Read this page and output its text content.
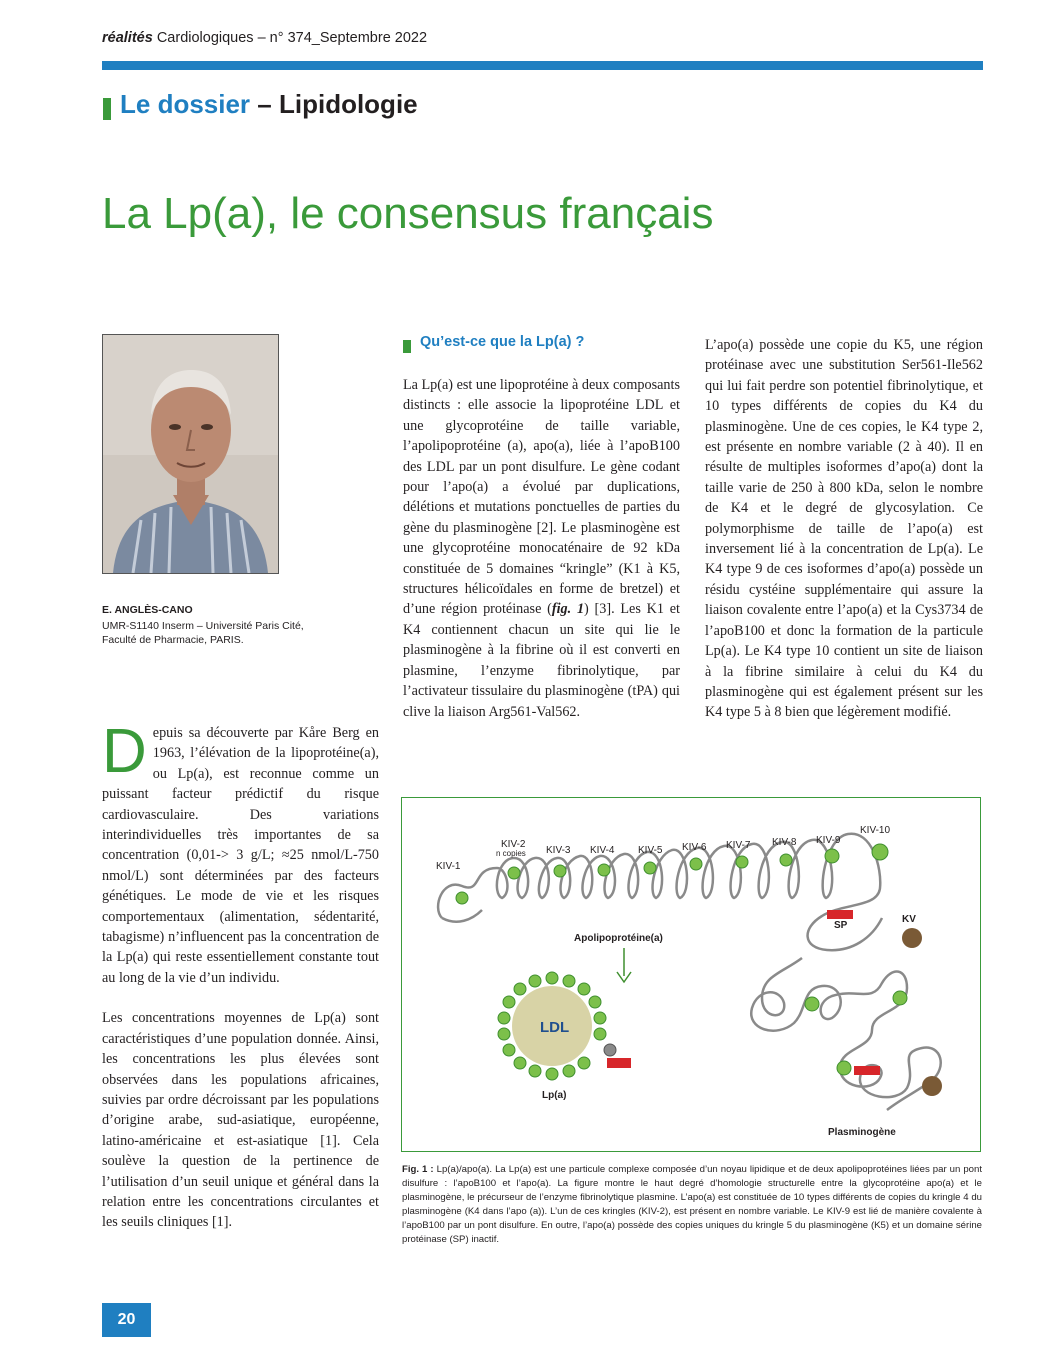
réalités Cardiologiques – n° 374_Septembre 2022
Le dossier – Lipidologie
La Lp(a), le consensus français
E. ANGLÈS-CANO
UMR-S1140 Inserm – Université Paris Cité, Faculté de Pharmacie, PARIS.
D epuis sa découverte par Kåre Berg en 1963, l’élévation de la lipoprotéine(a), ou Lp(a), est reconnue comme un puissant facteur prédictif du risque cardiovasculaire. Des variations interindividuelles très importantes de sa concentration (0,01-> 3 g/L; ≈25 nmol/L-750 nmol/L) sont déterminées par des facteurs génétiques. Le mode de vie et les risques comportementaux (alimentation, sédentarité, tabagisme) n’influencent pas la concentration de la Lp(a) qui reste essentiellement constante tout au long de la vie d’un individu.

Les concentrations moyennes de Lp(a) sont caractéristiques d’une population donnée. Ainsi, les concentrations les plus élevées sont observées dans les populations africaines, suivies par ordre décroissant par les populations d’origine arabe, sud-asiatique, européenne, latino-américaine et est-asiatique [1]. Cela soulève la question de la pertinence de l’utilisation d’un seuil unique et général dans la relation entre les concentrations circulantes et les seuils cliniques [1].

Qu’est-ce que la Lp(a) ?

La Lp(a) est une lipoprotéine à deux composants distincts : elle associe la lipoprotéine LDL et une glycoprotéine de taille variable, l’apolipoprotéine (a), apo(a), liée à l’apoB100 des LDL par un pont disulfure. Le gène codant pour l’apo(a) a évolué par duplications, délétions et mutations ponctuelles de parties du gène du plasminogène [2]. Le plasminogène est une glycoprotéine monocaténaire de 92 kDa constituée de 5 domaines “kringle” (K1 à K5, structures hélicoïdales en forme de bretzel) et d’une région protéinase (fig. 1) [3]. Les K1 et K4 contiennent chacun un site qui lie le plasminogène à la fibrine où il est converti en plasmine, l’enzyme fibrinolytique, par l’activateur tissulaire du plasminogène (tPA) qui clive la liaison Arg561-Val562.

L’apo(a) possède une copie du K5, une région protéinase avec une substitution Ser561-Ile562 qui lui fait perdre son potentiel fibrinolytique, et 10 types différents de copies du K4 du plasminogène. Une de ces copies, le K4 type 2, est présente en nombre variable (2 à 40). Il en résulte de multiples isoformes d’apo(a) dont la taille varie de 250 à 800 kDa, selon le nombre de K4 et le degré de glycosylation. Ce polymorphisme de taille de l’apo(a) est inversement lié à la concentration de Lp(a). Le K4 type 9 de ces isoformes d’apo(a) possède un résidu cystéine supplémentaire qui assure la liaison covalente entre l’apo(a) et la Cys3734 de l’apoB100 et donc la formation de la particule Lp(a). Le K4 type 10 contient un site de liaison à la fibrine similaire à celui du K4 du plasminogène qui est également présent sur les K4 type 5 à 8 bien que légèrement modifié.

KIV-1
KIV-2
n copies KIV-3 KIV-4 KIV-5 KIV-6 KIV-7 KIV-8 KIV-9
KIV-10
SP
KV
Apolipoprotéine(a)
LDL
Lp(a)
Plasminogène
Fig. 1 : Lp(a)/apo(a). La Lp(a) est une particule complexe composée d’un noyau lipidique et de deux apolipoprotéines liées par un pont disulfure : l’apoB100 et l’apo(a). La figure montre le haut degré d’homologie structurelle entre la glycoprotéine apo(a) et le plasminogène, le précurseur de l’enzyme fibrinolytique plasmine. L’apo(a) est constituée de 10 types différents de copies du kringle 4 du plasminogène (K4 dans l’apo (a)). L’un de ces kringles (KIV-2), est présent en nombre variable. Le KIV-9 est lié de manière covalente à l’apoB100 par un pont disulfure. En outre, l’apo(a) possède des copies uniques du kringle 5 du plasminogène (K5) et un domaine sérine protéinase (SP) inactif.
20
